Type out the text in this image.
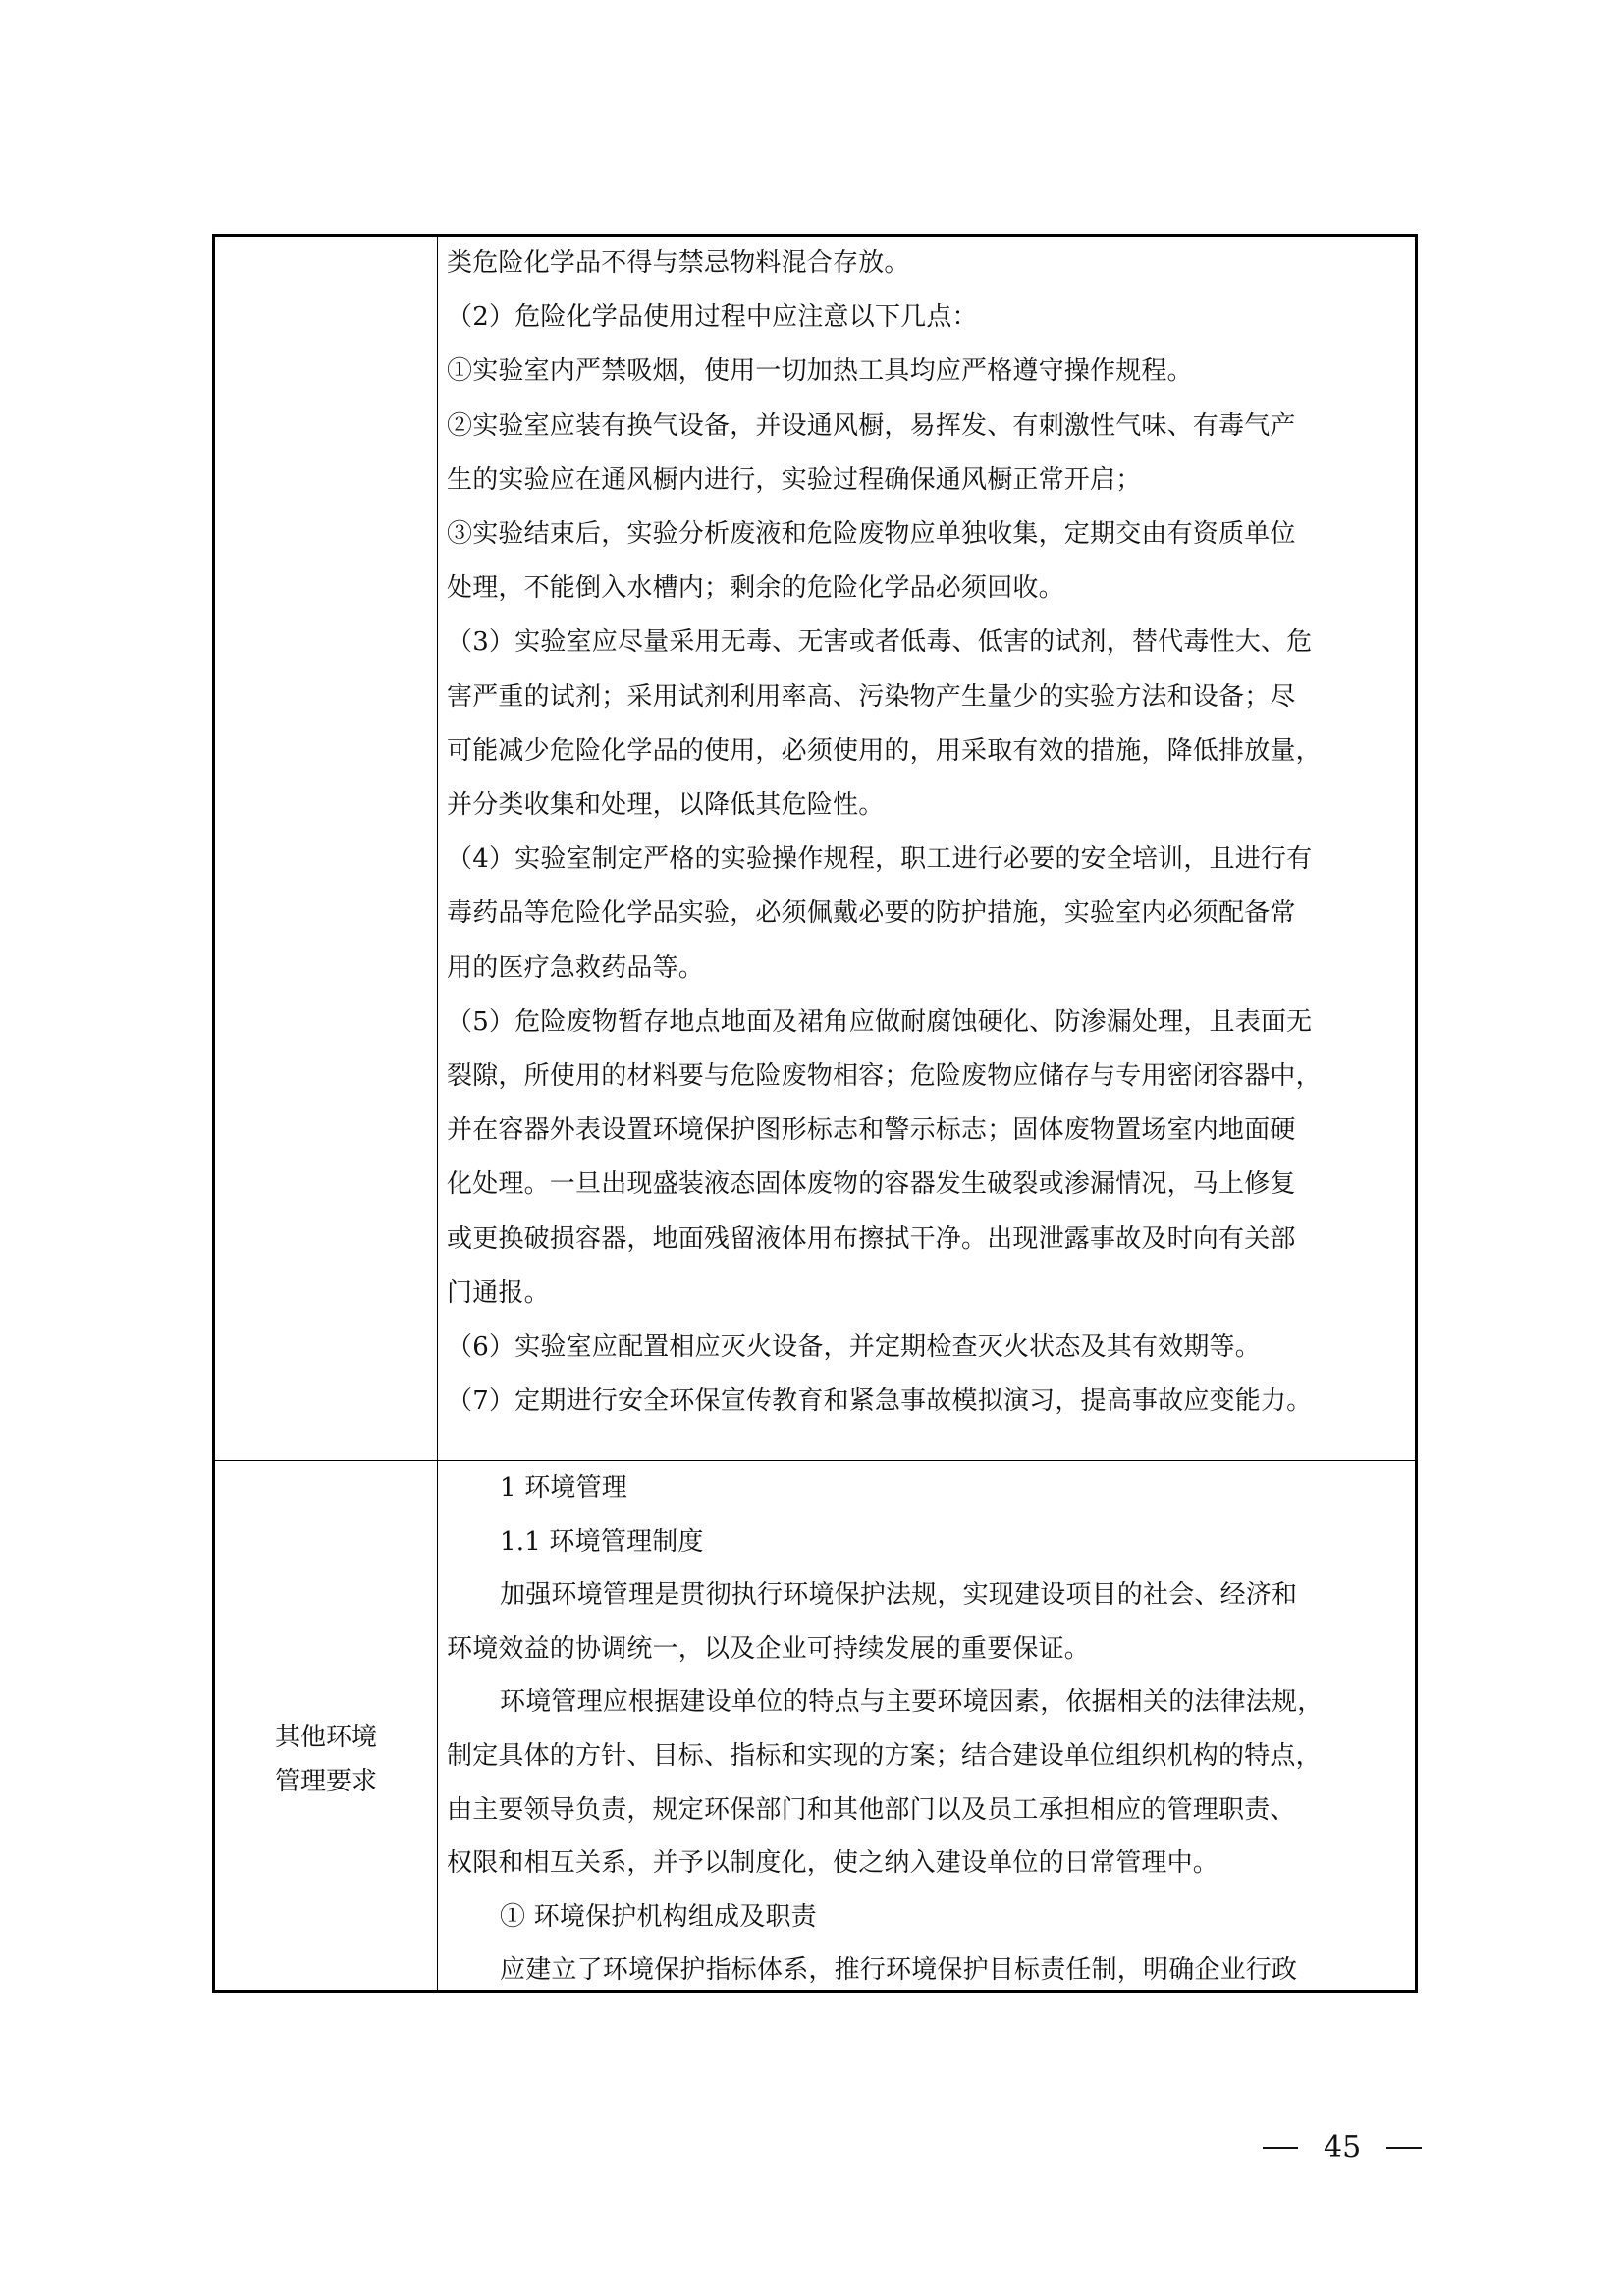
类危险化学品不得与禁忌物料混合存放。
（2）危险化学品使用过程中应注意以下几点：
①实验室内严禁吸烟，使用一切加热工具均应严格遵守操作规程。
②实验室应装有换气设备，并设通风橱，易挥发、有刺激性气味、有毒气产
生的实验应在通风橱内进行，实验过程确保通风橱正常开启；
③实验结束后，实验分析废液和危险废物应单独收集，定期交由有资质单位
处理，不能倒入水槽内；剩余的危险化学品必须回收。
（3）实验室应尽量采用无毒、无害或者低毒、低害的试剂，替代毒性大、危
害严重的试剂；采用试剂利用率高、污染物产生量少的实验方法和设备；尽
可能减少危险化学品的使用，必须使用的，用采取有效的措施，降低排放量，
并分类收集和处理，以降低其危险性。
（4）实验室制定严格的实验操作规程，职工进行必要的安全培训，且进行有
毒药品等危险化学品实验，必须佩戴必要的防护措施，实验室内必须配备常
用的医疗急救药品等。
（5）危险废物暂存地点地面及裙角应做耐腐蚀硬化、防渗漏处理，且表面无
裂隙，所使用的材料要与危险废物相容；危险废物应储存与专用密闭容器中，
并在容器外表设置环境保护图形标志和警示标志；固体废物置场室内地面硬
化处理。一旦出现盛装液态固体废物的容器发生破裂或渗漏情况，马上修复
或更换破损容器，地面残留液体用布擦拭干净。出现泄露事故及时向有关部
门通报。
（6）实验室应配置相应灭火设备，并定期检查灭火状态及其有效期等。
（7）定期进行安全环保宣传教育和紧急事故模拟演习，提高事故应变能力。
其他环境
管理要求
1 环境管理
1.1 环境管理制度
加强环境管理是贯彻执行环境保护法规，实现建设项目的社会、经济和
环境效益的协调统一，以及企业可持续发展的重要保证。
环境管理应根据建设单位的特点与主要环境因素，依据相关的法律法规，
制定具体的方针、目标、指标和实现的方案；结合建设单位组织机构的特点，
由主要领导负责，规定环保部门和其他部门以及员工承担相应的管理职责、
权限和相互关系，并予以制度化，使之纳入建设单位的日常管理中。
① 环境保护机构组成及职责
应建立了环境保护指标体系，推行环境保护目标责任制，明确企业行政
45
